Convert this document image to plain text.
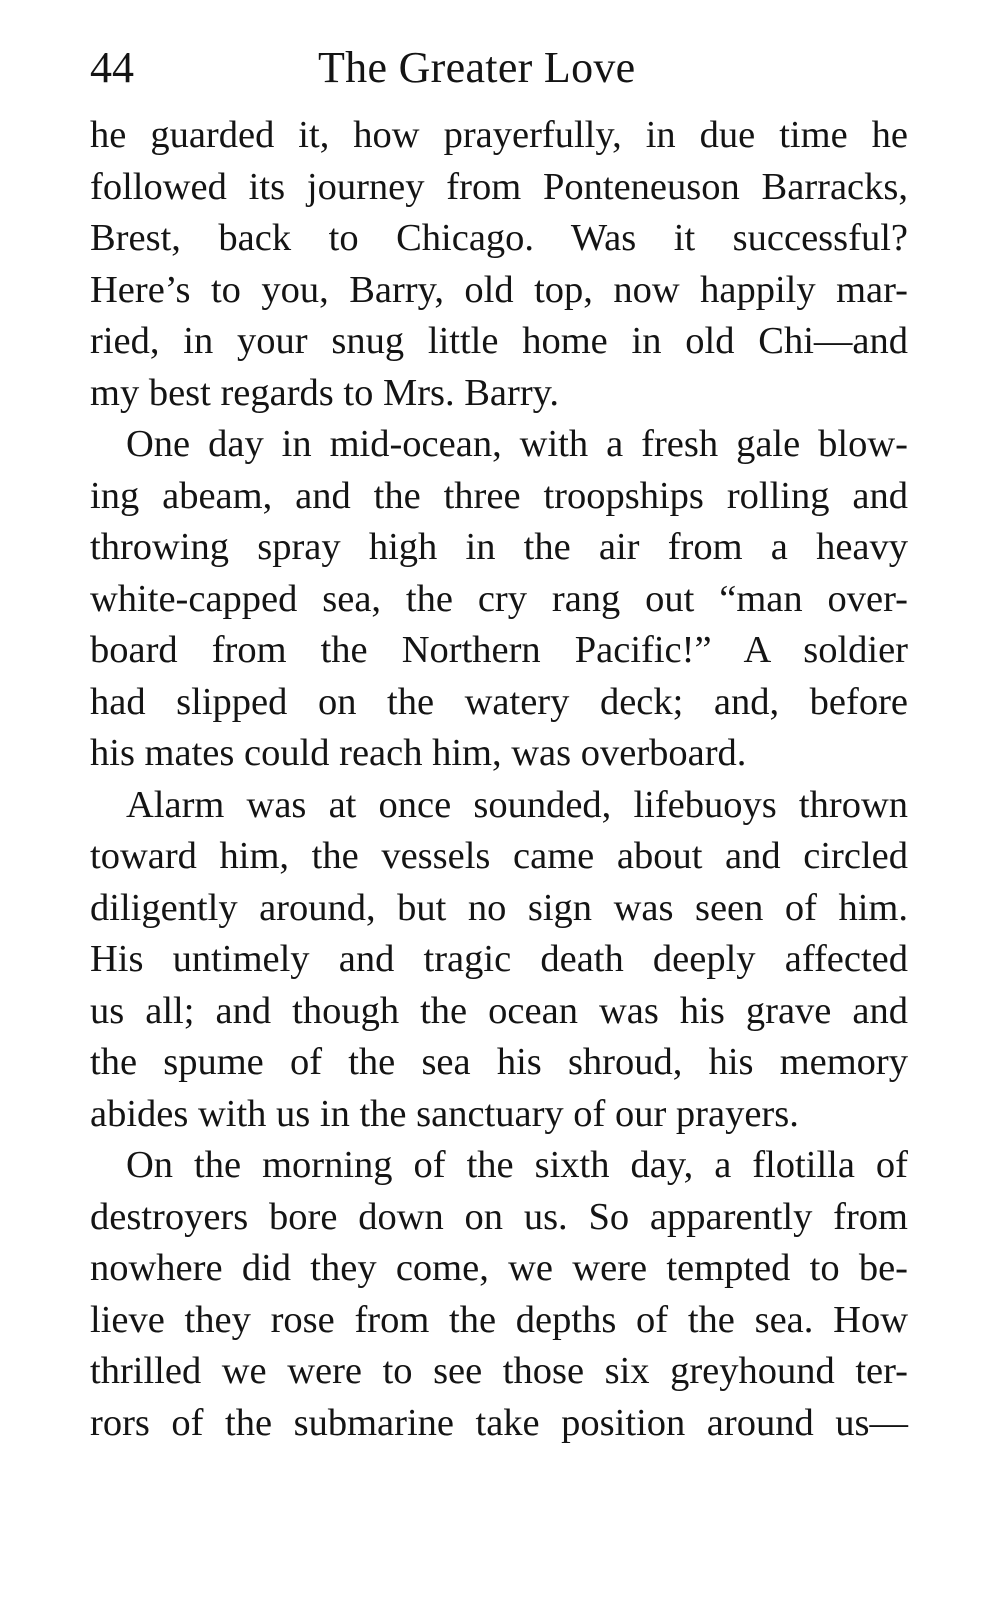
44	The Greater Love

he guarded it, how prayerfully, in due time he
followed its journey from Ponteneuson Barracks,
Brest, back to Chicago. Was it successful?
Here’s to you, Barry, old top, now happily mar-
ried, in your snug little home in old Chi—and
my best regards to Mrs. Barry.

One day in mid-ocean, with a fresh gale blow-
ing abeam, and the three troopships rolling and
throwing spray high in the air from a heavy
white-capped sea, the cry rang out “man over-
board from the Northern Pacific!” A soldier
had slipped on the watery deck; and, before
his mates could reach him, was overboard.

Alarm was at once sounded, lifebuoys thrown
toward him, the vessels came about and circled
diligently around, but no sign was seen of him.
His untimely and tragic death deeply affected
us all; and though the ocean was his grave and
the spume of the sea his shroud, his memory
abides with us in the sanctuary of our prayers.

On the morning of the sixth day, a flotilla of
destroyers bore down on us. So apparently from
nowhere did they come, we were tempted to be-
lieve they rose from the depths of the sea. How
thrilled we were to see those six greyhound ter-
rors of the submarine take position around us—
